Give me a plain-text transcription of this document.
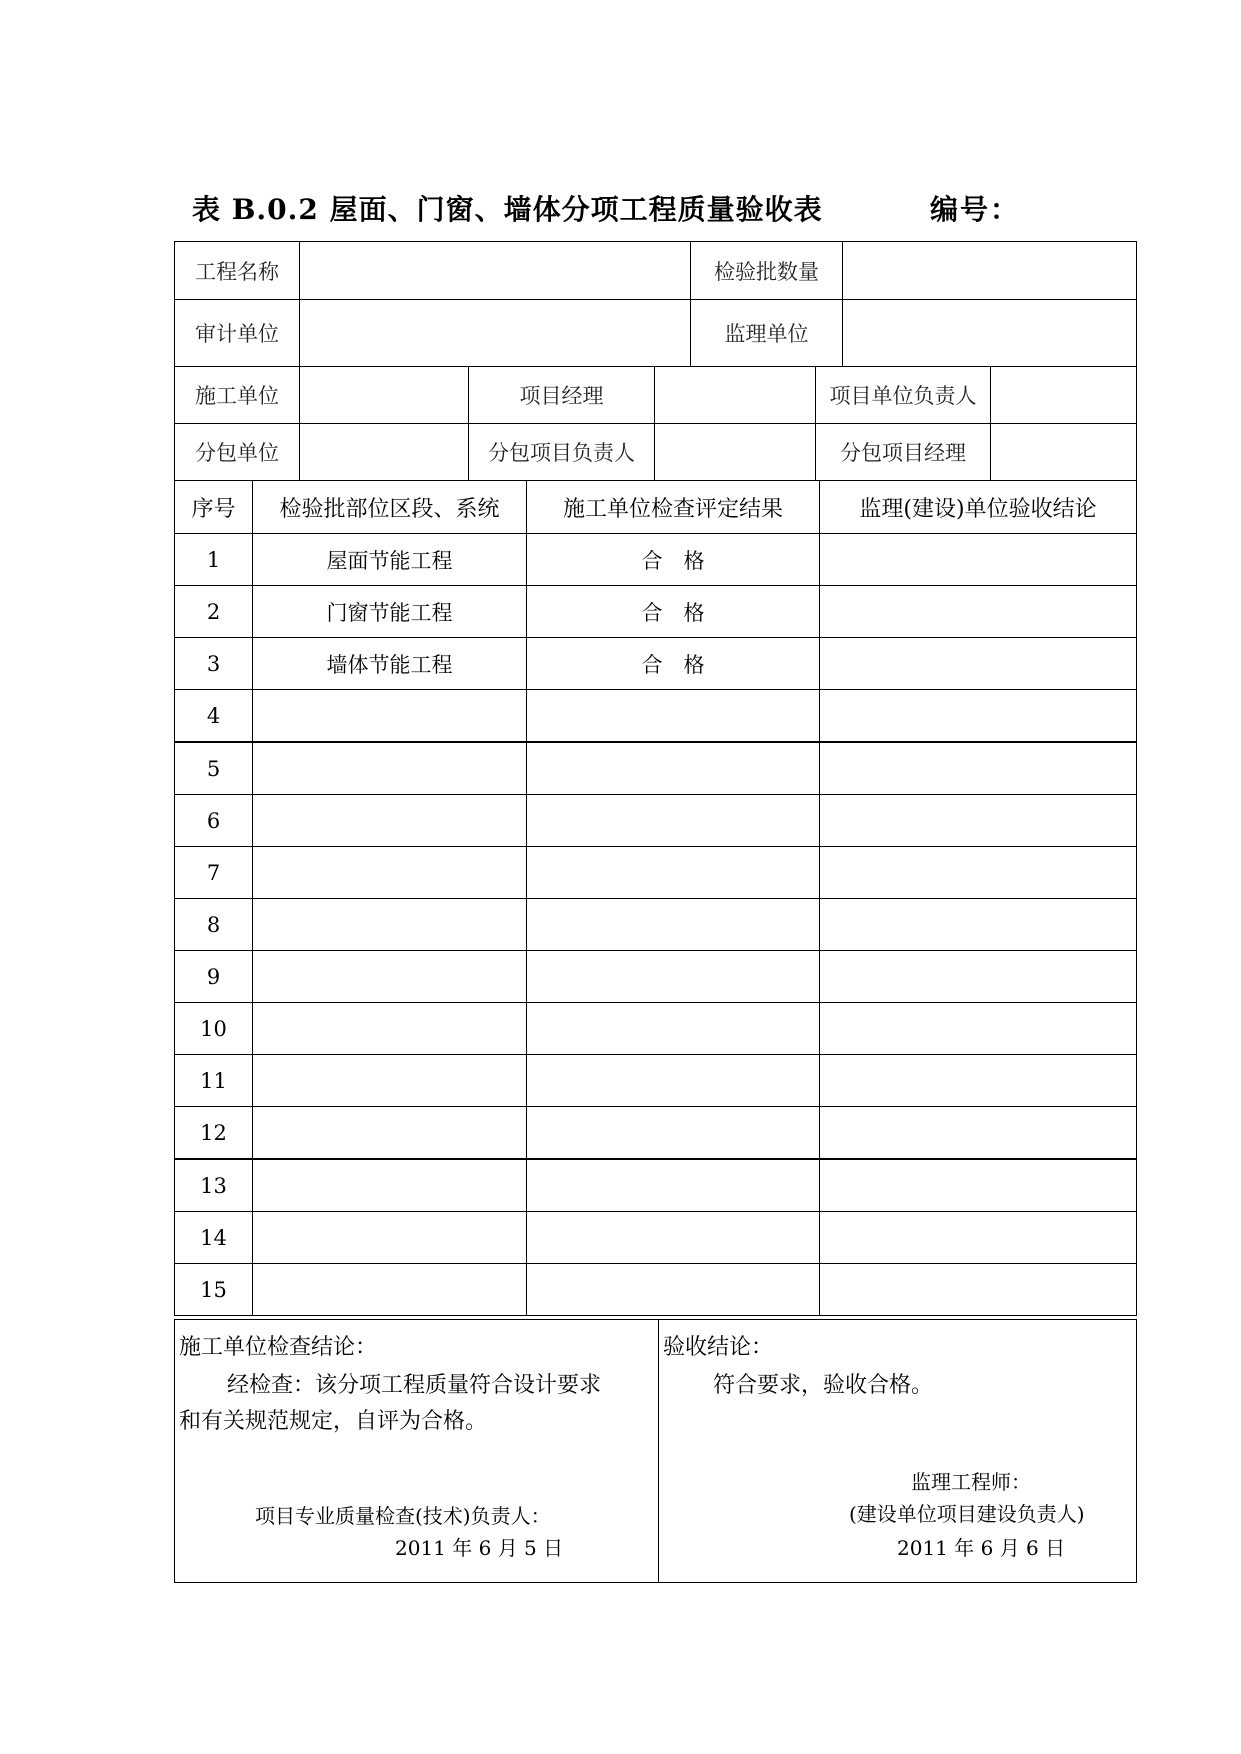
表 B.0.2 屋面、门窗、墙体分项工程质量验收表	编号：
工程名称		检验批数量	
审计单位		监理单位	
施工单位		项目经理		项目单位负责人	
分包单位		分包项目负责人		分包项目经理	
序号	检验批部位区段、系统	施工单位检查评定结果	监理(建设)单位验收结论
1	屋面节能工程	合　格	
2	门窗节能工程	合　格	
3	墙体节能工程	合　格	
4			
5			
6			
7			
8			
9			
10			
11			
12			
13			
14			
15			
施工单位检查结论：
经检查：该分项工程质量符合设计要求
和有关规范规定，自评为合格。
项目专业质量检查(技术)负责人：
2011 年 6 月 5 日

验收结论：
符合要求，验收合格。
监理工程师：
(建设单位项目建设负责人)
2011 年 6 月 6 日
